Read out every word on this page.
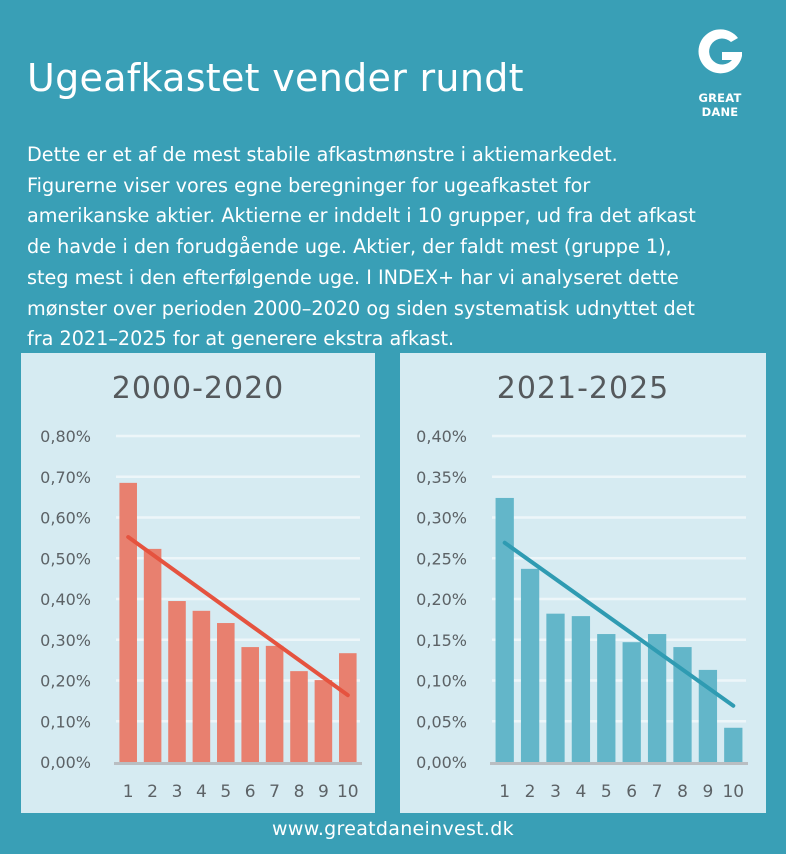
Ugeafkastet vender rundt	GREAT DANE
Dette er et af de mest stabile afkastmønstre i aktiemarkedet.
Figurerne viser vores egne beregninger for ugeafkastet for
amerikanske aktier. Aktierne er inddelt i 10 grupper, ud fra det afkast
de havde i den forudgående uge. Aktier, der faldt mest (gruppe 1),
steg mest i den efterfølgende uge. I INDEX+ har vi analyseret dette
mønster over perioden 2000–2020 og siden systematisk udnyttet det
fra 2021–2025 for at generere ekstra afkast.
2000-2020
0,00%
0,10%
0,20%
0,30%
0,40%
0,50%
0,60%
0,70%
0,80%
1 2 3 4 5 6 7 8 9 10
2021-2025
0,00%
0,05%
0,10%
0,15%
0,20%
0,25%
0,30%
0,35%
0,40%
1 2 3 4 5 6 7 8 9 10
www.greatdaneinvest.dk
